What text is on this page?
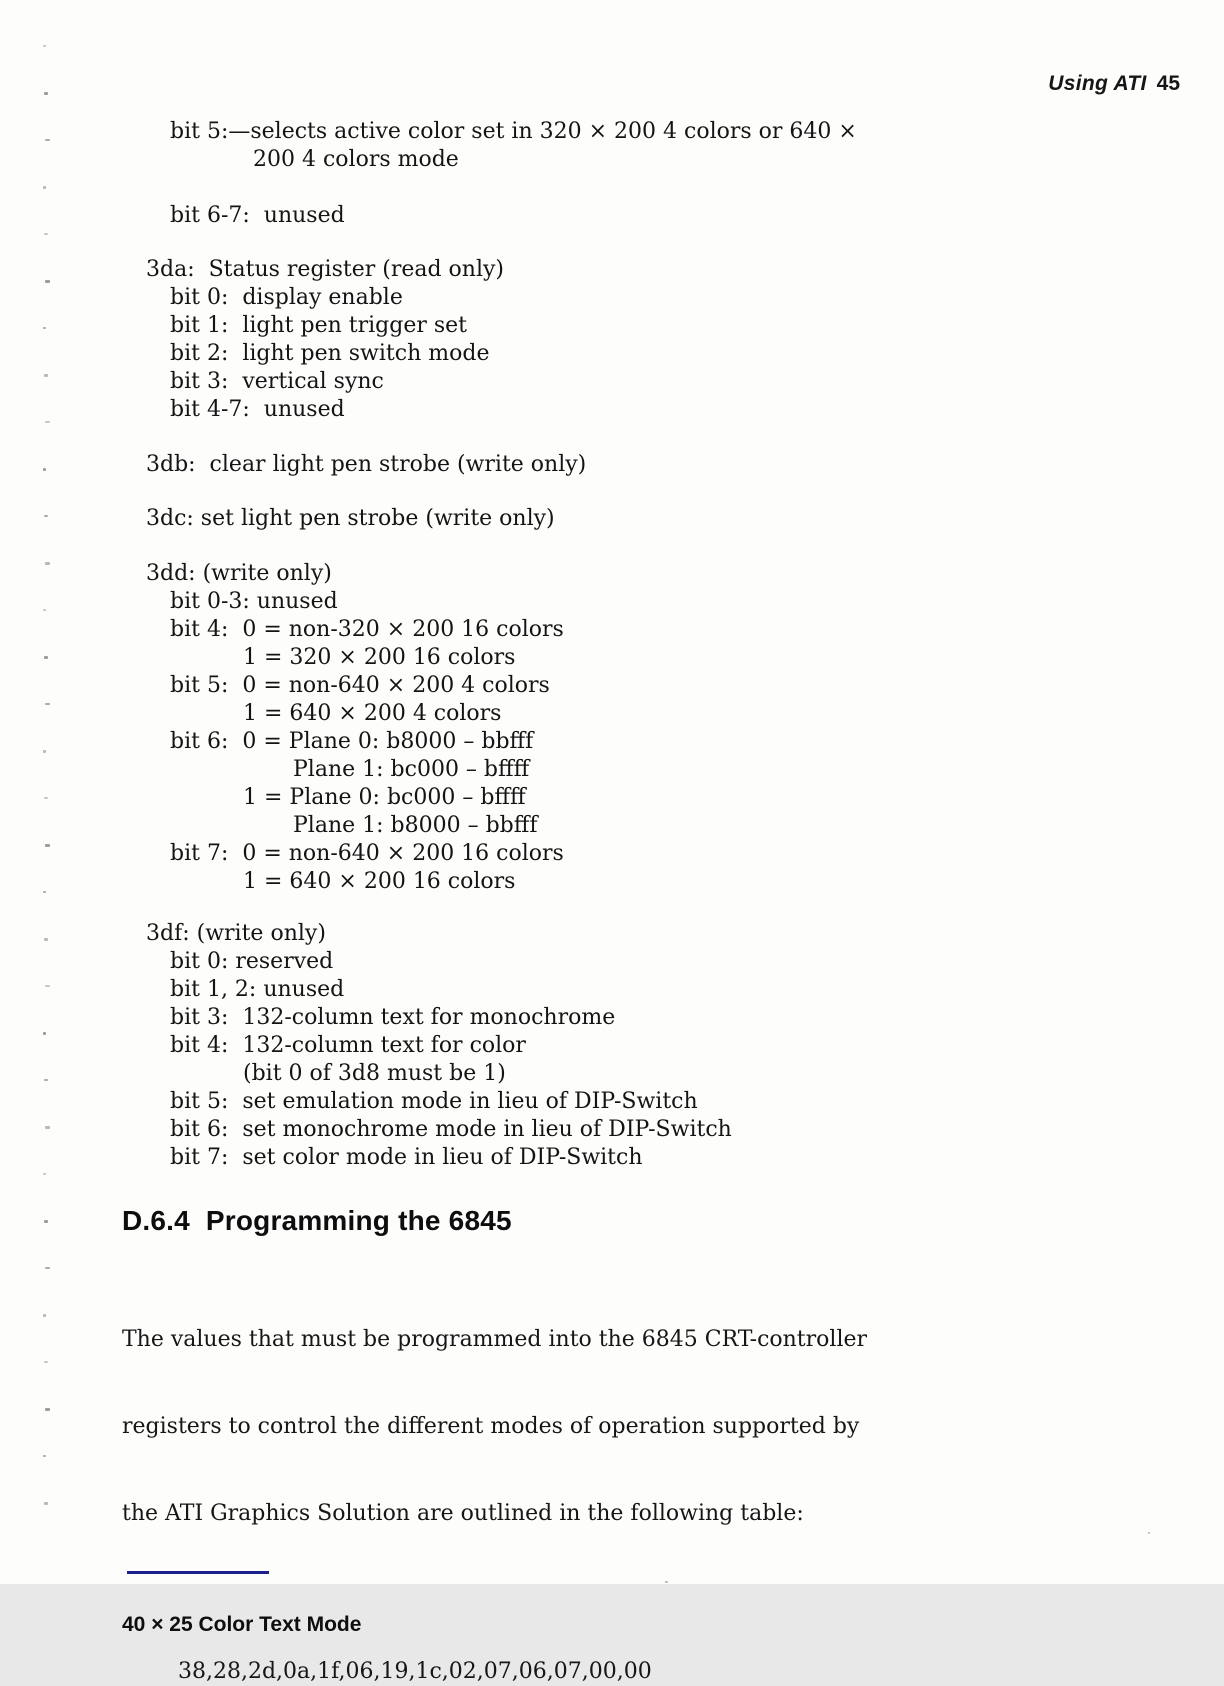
Using ATI 45

bit 5:—selects active color set in 320 × 200 4 colors or 640 ×
200 4 colors mode
bit 6-7:  unused
3da:  Status register (read only)
bit 0:  display enable
bit 1:  light pen trigger set
bit 2:  light pen switch mode
bit 3:  vertical sync
bit 4-7:  unused
3db:  clear light pen strobe (write only)
3dc: set light pen strobe (write only)
3dd: (write only)
bit 0-3: unused
bit 4:  0 = non-320 × 200 16 colors
1 = 320 × 200 16 colors
bit 5:  0 = non-640 × 200 4 colors
1 = 640 × 200 4 colors
bit 6:  0 = Plane 0: b8000 – bbfff
Plane 1: bc000 – bffff
1 = Plane 0: bc000 – bffff
Plane 1: b8000 – bbfff
bit 7:  0 = non-640 × 200 16 colors
1 = 640 × 200 16 colors
3df: (write only)
bit 0: reserved
bit 1, 2: unused
bit 3:  132-column text for monochrome
bit 4:  132-column text for color
(bit 0 of 3d8 must be 1)
bit 5:  set emulation mode in lieu of DIP-Switch
bit 6:  set monochrome mode in lieu of DIP-Switch
bit 7:  set color mode in lieu of DIP-Switch
D.6.4  Programming the 6845

The values that must be programmed into the 6845 CRT-controller

registers to control the different modes of operation supported by

the ATI Graphics Solution are outlined in the following table:

40 × 25 Color Text Mode
38,28,2d,0a,1f,06,19,1c,02,07,06,07,00,00
